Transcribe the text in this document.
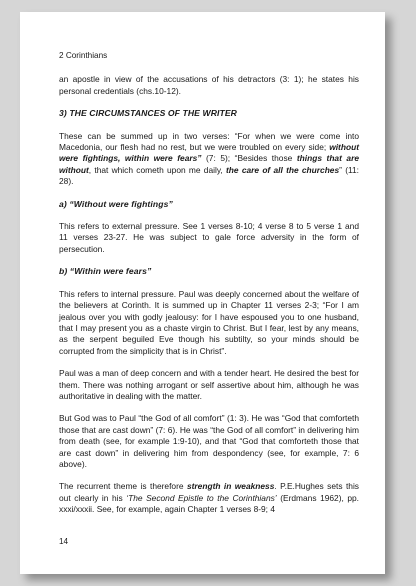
2 Corinthians

an apostle in view of the accusations of his detractors (3: 1); he states his personal credentials (chs.10-12).

3) THE CIRCUMSTANCES OF THE WRITER

These can be summed up in two verses: “For when we were come into Macedonia, our flesh had no rest, but we were troubled on every side; without were fightings, within were fears” (7: 5); “Besides those things that are without, that which cometh upon me daily, the care of all the churches” (11: 28).

a) “Without were fightings”

This refers to external pressure. See 1 verses 8-10; 4 verse 8 to 5 verse 1 and 11 verses 23-27. He was subject to gale force adversity in the form of persecution.

b) “Within were fears”

This refers to internal pressure. Paul was deeply concerned about the welfare of the believers at Corinth. It is summed up in Chapter 11 verses 2-3; “For I am jealous over you with godly jealousy: for I have espoused you to one husband, that I may present you as a chaste virgin to Christ. But I fear, lest by any means, as the serpent beguiled Eve though his subtilty, so your minds should be corrupted from the simplicity that is in Christ”.

Paul was a man of deep concern and with a tender heart. He desired the best for them. There was nothing arrogant or self assertive about him, although he was authoritative in dealing with the matter.

But God was to Paul “the God of all comfort” (1: 3). He was “God that comforteth those that are cast down” (7: 6). He was “the God of all comfort” in delivering him from death (see, for example 1:9-10), and that “God that comforteth those that are cast down” in delivering him from despondency (see, for example, 7: 6 above).

The recurrent theme is therefore strength in weakness. P.E.Hughes sets this out clearly in his ‘The Second Epistle to the Corinthians’ (Erdmans 1962), pp. xxxi/xxxii. See, for example, again Chapter 1 verses 8-9; 4

14
